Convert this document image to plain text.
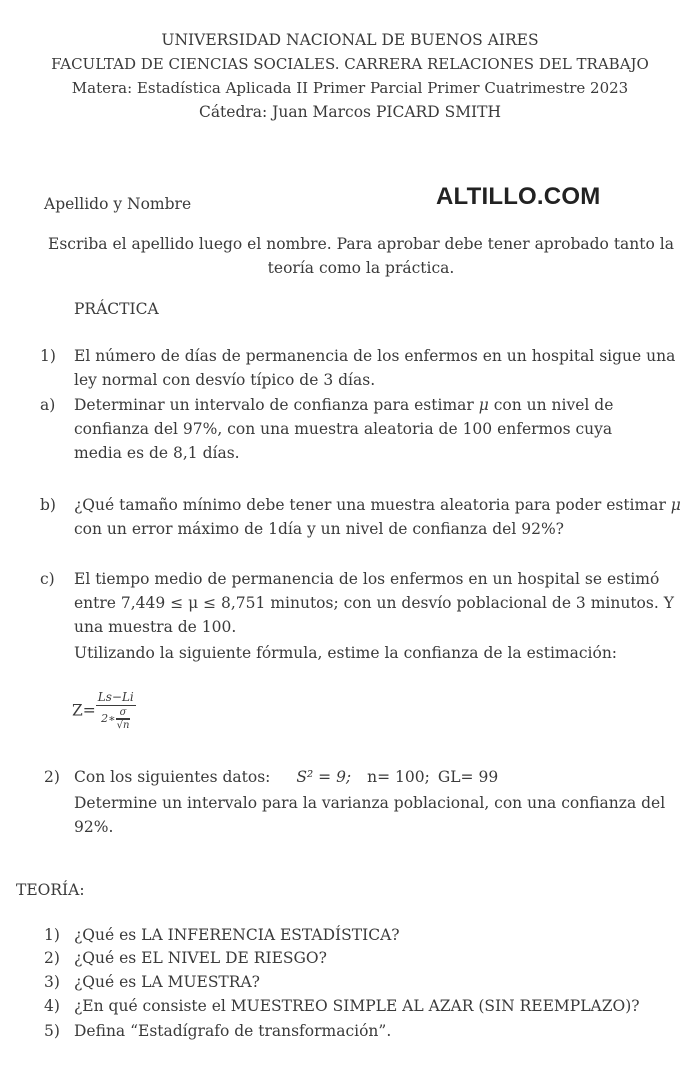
UNIVERSIDAD NACIONAL DE BUENOS AIRES
FACULTAD DE CIENCIAS SOCIALES. CARRERA RELACIONES DEL TRABAJO
Matera: Estadística Aplicada II Primer Parcial Primer Cuatrimestre 2023
Cátedra: Juan Marcos PICARD SMITH
Apellido y Nombre	ALTILLO.COM
Escriba el apellido luego el nombre. Para aprobar debe tener aprobado tanto la teoría como la práctica.
PRÁCTICA
1) El número de días de permanencia de los enfermos en un hospital sigue una ley normal con desvío típico de 3 días.
a) Determinar un intervalo de confianza para estimar μ con un nivel de confianza del 97%, con una muestra aleatoria de 100 enfermos cuya media es de 8,1 días.
b) ¿Qué tamaño mínimo debe tener una muestra aleatoria para poder estimar μ con un error máximo de 1día y un nivel de confianza del 92%?
c) El tiempo medio de permanencia de los enfermos en un hospital se estimó entre 7,449 ≤ μ ≤ 8,751 minutos; con un desvío poblacional de 3 minutos. Y una muestra de 100.
Utilizando la siguiente fórmula, estime la confianza de la estimación:
$Z= \frac{Ls-Li}{2∗ \frac{\sigma}{√n}}$
2) Con los siguientes datos: S² = 9; n= 100; GL= 99
Determine un intervalo para la varianza poblacional, con una confianza del 92%.
TEORÍA:
1) ¿Qué es LA INFERENCIA ESTADÍSTICA?
2) ¿Qué es EL NIVEL DE RIESGO?
3) ¿Qué es LA MUESTRA?
4) ¿En qué consiste el MUESTREO SIMPLE AL AZAR (SIN REEMPLAZO)?
5) Defina “Estadígrafo de transformación”.
